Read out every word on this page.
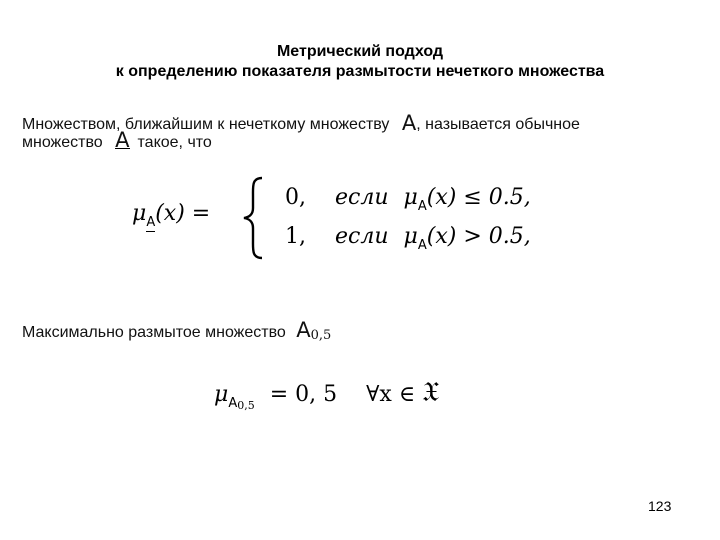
Метрический подход
к определению показателя размытости нечеткого множества
Множеством, ближайшим к нечеткому множеству A, называется обычное
множество A такое, что
μA(x) =
0, если $\mu_A(x) \le 0.5$,
1, если $\mu_A(x) > 0.5$,
Максимально размытое множество A0,5
$\mu_{A0,5} = 0$, 5 ∀x ∈ 𝔛
123
